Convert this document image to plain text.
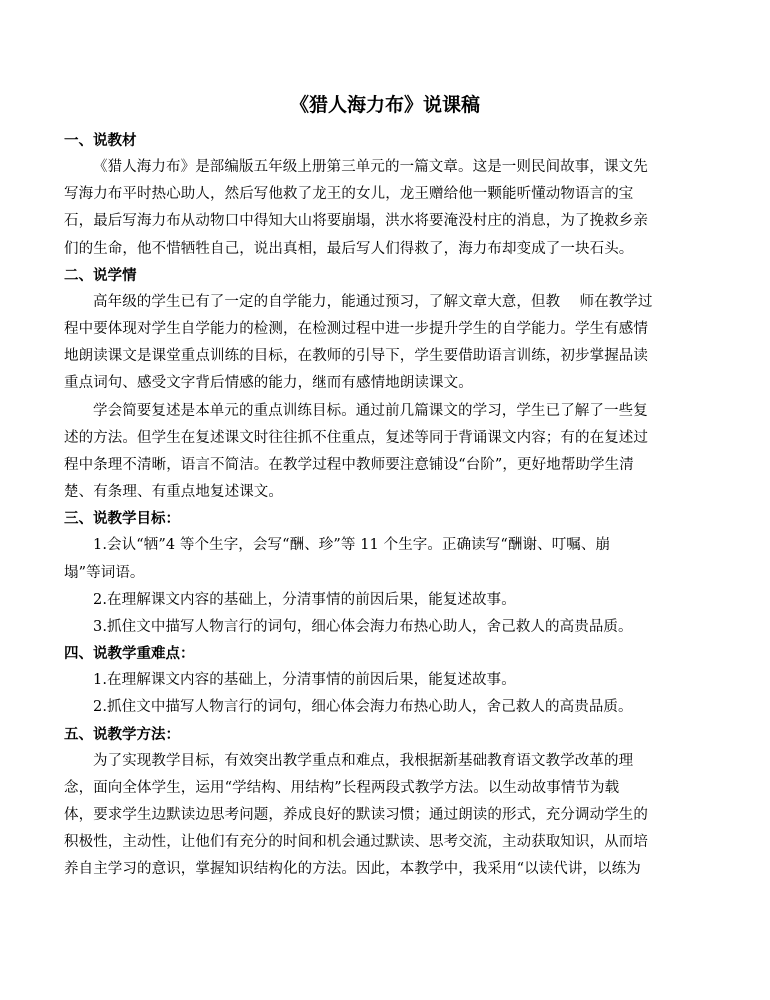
《猎人海力布》说课稿
一、说教材
《猎人海力布》是部编版五年级上册第三单元的一篇文章。这是一则民间故事，课文先
写海力布平时热心助人，然后写他救了龙王的女儿，龙王赠给他一颗能听懂动物语言的宝
石，最后写海力布从动物口中得知大山将要崩塌，洪水将要淹没村庄的消息，为了挽救乡亲
们的生命，他不惜牺牲自己，说出真相，最后写人们得救了，海力布却变成了一块石头。
二、说学情
高年级的学生已有了一定的自学能力，能通过预习，了解文章大意，但教　 师在教学过
程中要体现对学生自学能力的检测，在检测过程中进一步提升学生的自学能力。学生有感情
地朗读课文是课堂重点训练的目标，在教师的引导下，学生要借助语言训练，初步掌握品读
重点词句、感受文字背后情感的能力，继而有感情地朗读课文。
学会简要复述是本单元的重点训练目标。通过前几篇课文的学习，学生已了解了一些复
述的方法。但学生在复述课文时往往抓不住重点，复述等同于背诵课文内容；有的在复述过
程中条理不清晰，语言不简洁。在教学过程中教师要注意铺设“台阶”，更好地帮助学生清
楚、有条理、有重点地复述课文。
三、说教学目标：
1.会认“牺”4 等个生字，会写“酬、珍”等 11 个生字。正确读写“酬谢、叮嘱、崩
塌”等词语。
2.在理解课文内容的基础上，分清事情的前因后果，能复述故事。
3.抓住文中描写人物言行的词句，细心体会海力布热心助人，舍己救人的高贵品质。
四、说教学重难点：
1.在理解课文内容的基础上，分清事情的前因后果，能复述故事。
2.抓住文中描写人物言行的词句，细心体会海力布热心助人，舍己救人的高贵品质。
五、说教学方法：
为了实现教学目标，有效突出教学重点和难点，我根据新基础教育语文教学改革的理
念，面向全体学生，运用“学结构、用结构”长程两段式教学方法。以生动故事情节为载
体，要求学生边默读边思考问题，养成良好的默读习惯；通过朗读的形式，充分调动学生的
积极性，主动性，让他们有充分的时间和机会通过默读、思考交流，主动获取知识，从而培
养自主学习的意识，掌握知识结构化的方法。因此，本教学中，我采用“以读代讲，以练为
